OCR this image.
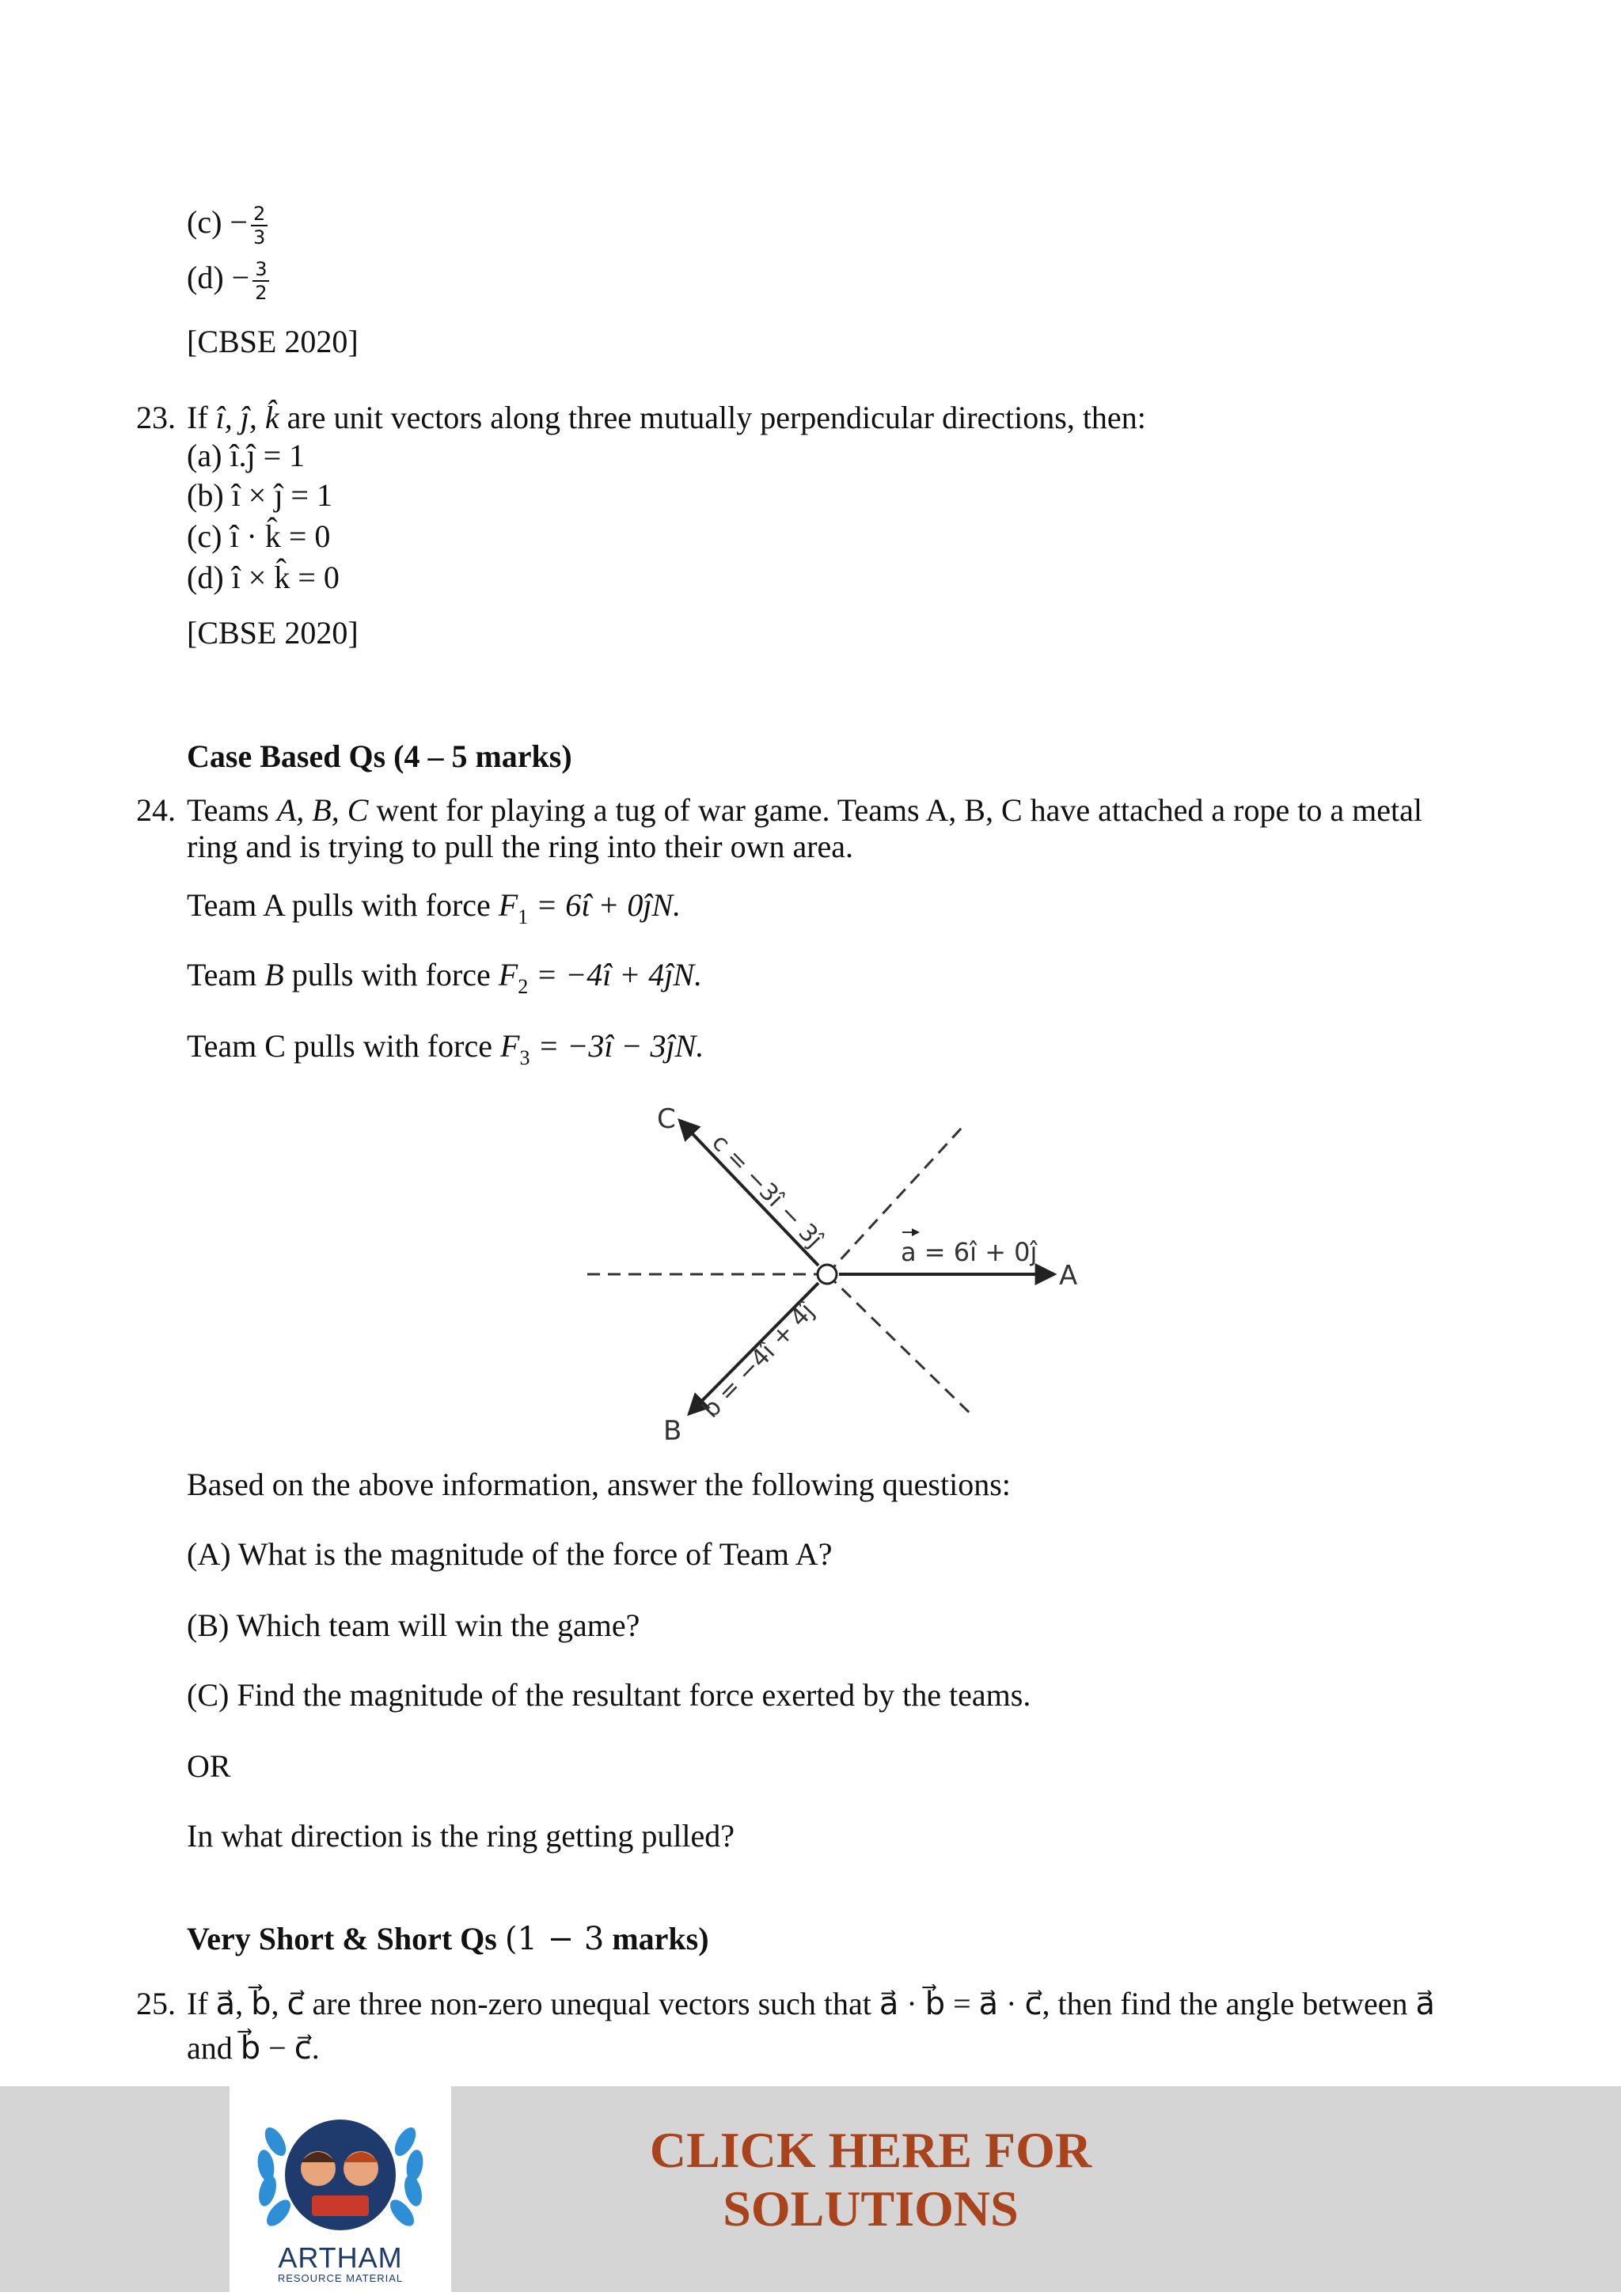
$(c) - \frac{2}{3}$
$(d) - \frac{3}{2}$
[CBSE 2020]
23. If î, ĵ, k̂ are unit vectors along three mutually perpendicular directions, then:
(a) î.ĵ = 1
(b) î × ĵ = 1
(c) î · k̂ = 0
(d) î × k̂ = 0
[CBSE 2020]
Case Based Qs (4 – 5 marks)
24. Teams A, B, C went for playing a tug of war game. Teams A, B, C have attached a rope to a metal
ring and is trying to pull the ring into their own area.
Team A pulls with force $F_1$ = 6̂ι + 0ĵN.
Team B pulls with force $F_2$ = −4î + 4ĵN.
Team C pulls with force $F_3$ = −3î − 3ĵN.
A
B
C
a = 6î + 0ĵ
c = −3î − 3ĵ
b = −4î + 4ĵ
Based on the above information, answer the following questions:
(A) What is the magnitude of the force of Team A?
(B) Which team will win the game?
(C) Find the magnitude of the resultant force exerted by the teams.
OR
In what direction is the ring getting pulled?
Very Short & Short Qs (1 − 3 marks)
25. If a⃗, b⃗, c⃗ are three non-zero unequal vectors such that a⃗ · b⃗ = a⃗ · c⃗, then find the angle between a⃗
and b⃗ − c⃗.
ARTHAM
RESOURCE MATERIAL
CLICK HERE FOR
SOLUTIONS
